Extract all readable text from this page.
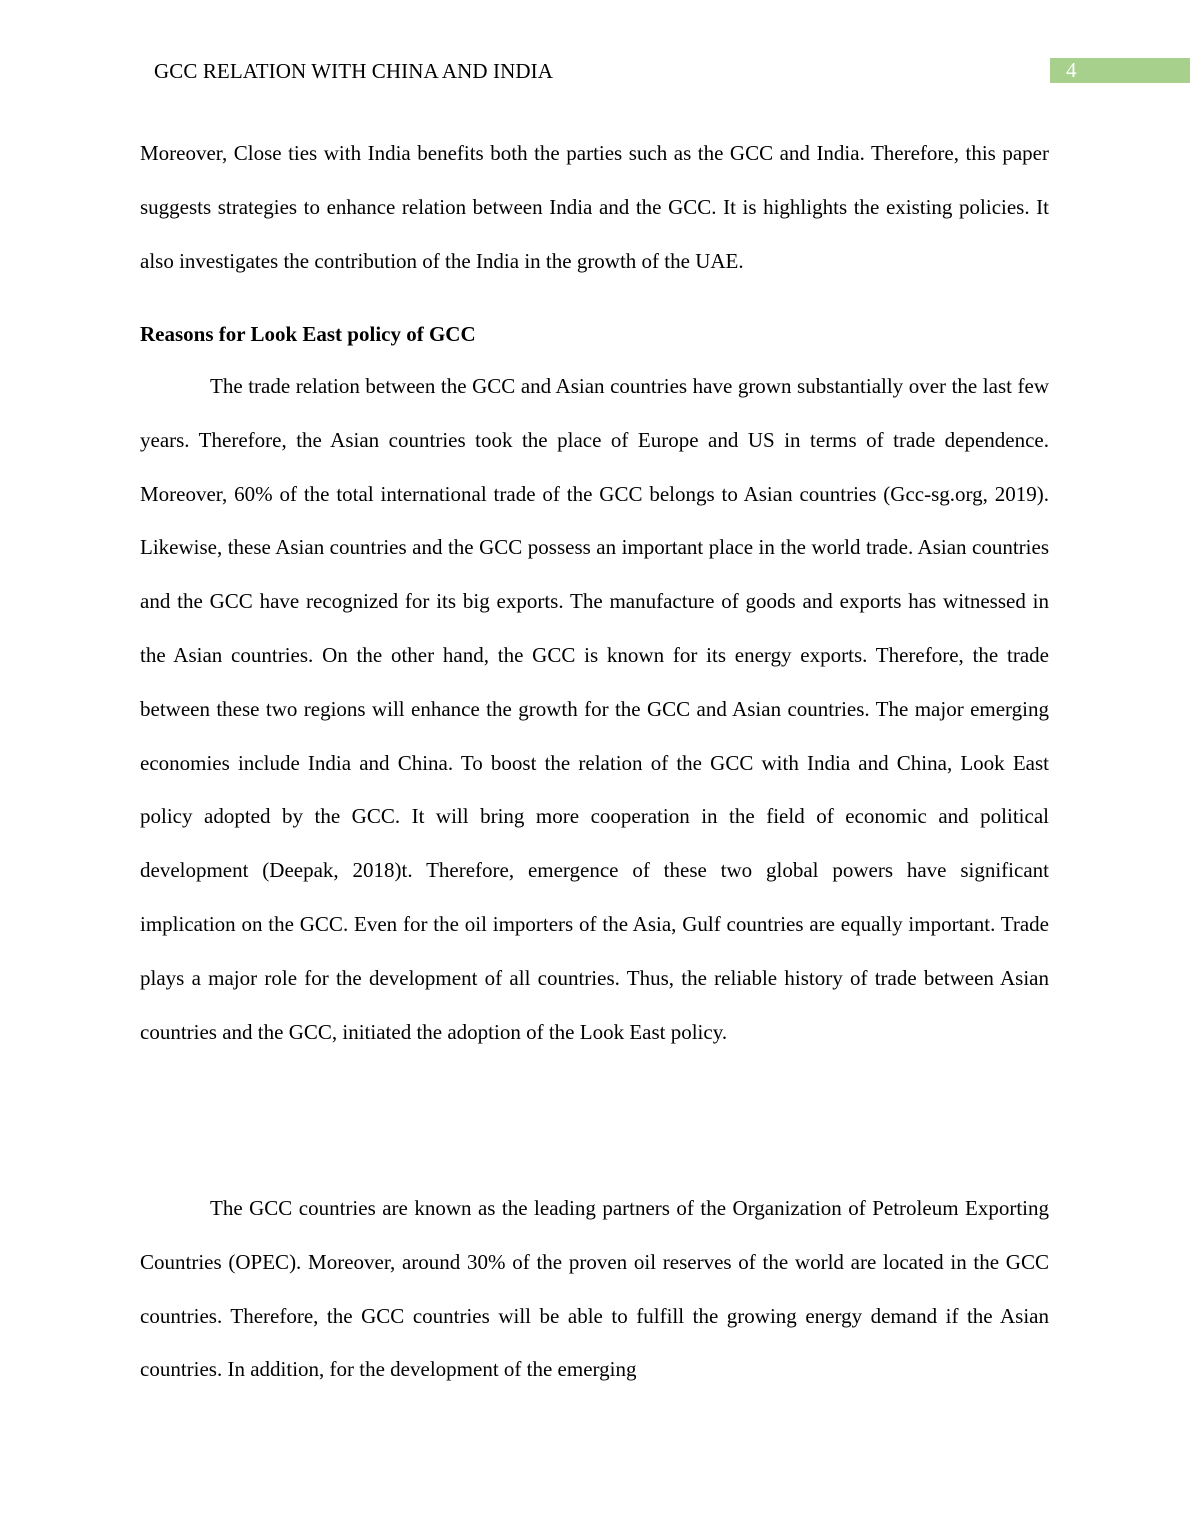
GCC RELATION WITH CHINA AND INDIA	4

Moreover, Close ties with India benefits both the parties such as the GCC and India. Therefore, this paper suggests strategies to enhance relation between India and the GCC. It is highlights the existing policies. It also investigates the contribution of the India in the growth of the UAE.

Reasons for Look East policy of GCC

The trade relation between the GCC and Asian countries have grown substantially over the last few years. Therefore, the Asian countries took the place of Europe and US in terms of trade dependence. Moreover, 60% of the total international trade of the GCC belongs to Asian countries (Gcc-sg.org, 2019). Likewise, these Asian countries and the GCC possess an important place in the world trade. Asian countries and the GCC have recognized for its big exports. The manufacture of goods and exports has witnessed in the Asian countries. On the other hand, the GCC is known for its energy exports. Therefore, the trade between these two regions will enhance the growth for the GCC and Asian countries. The major emerging economies include India and China. To boost the relation of the GCC with India and China, Look East policy adopted by the GCC. It will bring more cooperation in the field of economic and political development (Deepak, 2018)t. Therefore, emergence of these two global powers have significant implication on the GCC. Even for the oil importers of the Asia, Gulf countries are equally important. Trade plays a major role for the development of all countries. Thus, the reliable history of trade between Asian countries and the GCC, initiated the adoption of the Look East policy.

The GCC countries are known as the leading partners of the Organization of Petroleum Exporting Countries (OPEC). Moreover, around 30% of the proven oil reserves of the world are located in the GCC countries. Therefore, the GCC countries will be able to fulfill the growing energy demand if the Asian countries. In addition, for the development of the emerging
